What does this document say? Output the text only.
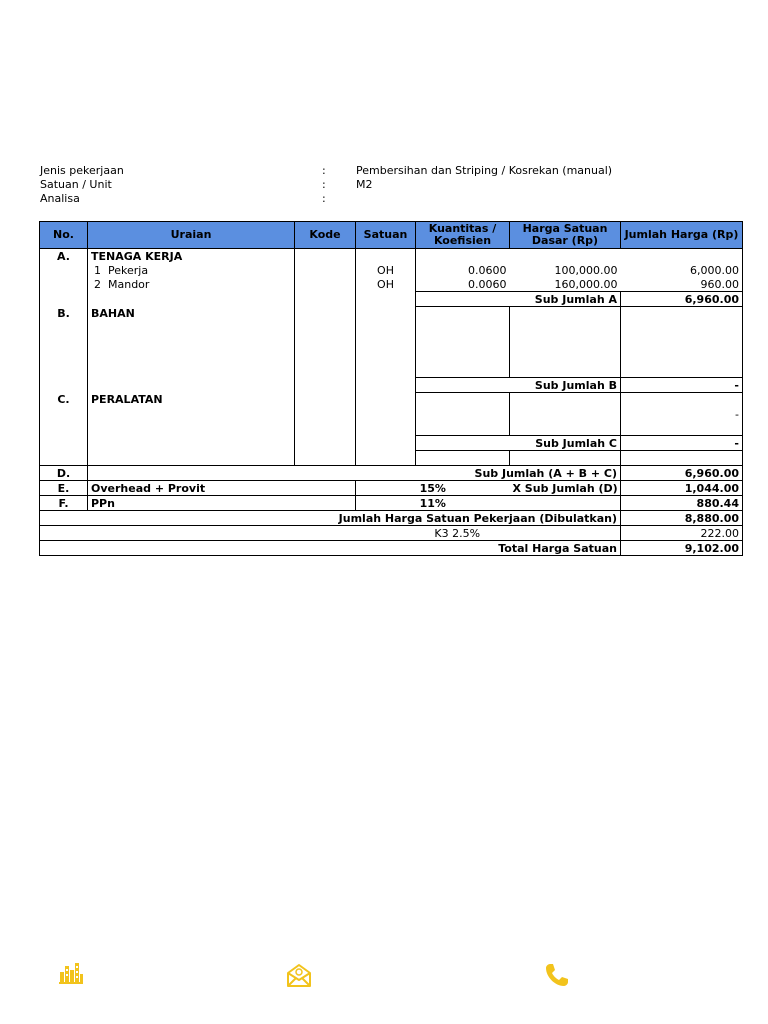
Jenis pekerjaan	:	Pembersihan dan Striping / Kosrekan (manual)
Satuan / Unit	:	M2
Analisa	:
No.	Uraian	Kode	Satuan	Kuantitas / Koefisien	Harga Satuan Dasar (Rp)	Jumlah Harga (Rp)
A.	TENAGA KERJA					
	1 Pekerja		OH	0.0600	100,000.00	6,000.00
	2 Mandor		OH	0.0060	160,000.00	960.00
				Sub Jumlah A		6,960.00
B.	BAHAN					

				Sub Jumlah B		-
C.	PERALATAN					
						-

				Sub Jumlah C		-

D.	Sub Jumlah (A + B + C)					6,960.00
E.	Overhead + Provit		15%		X Sub Jumlah (D)	1,044.00
F.	PPn		11%			880.44
Jumlah Harga Satuan Pekerjaan (Dibulatkan)						8,880.00
		K3 2.5%				222.00
Total Harga Satuan						9,102.00
